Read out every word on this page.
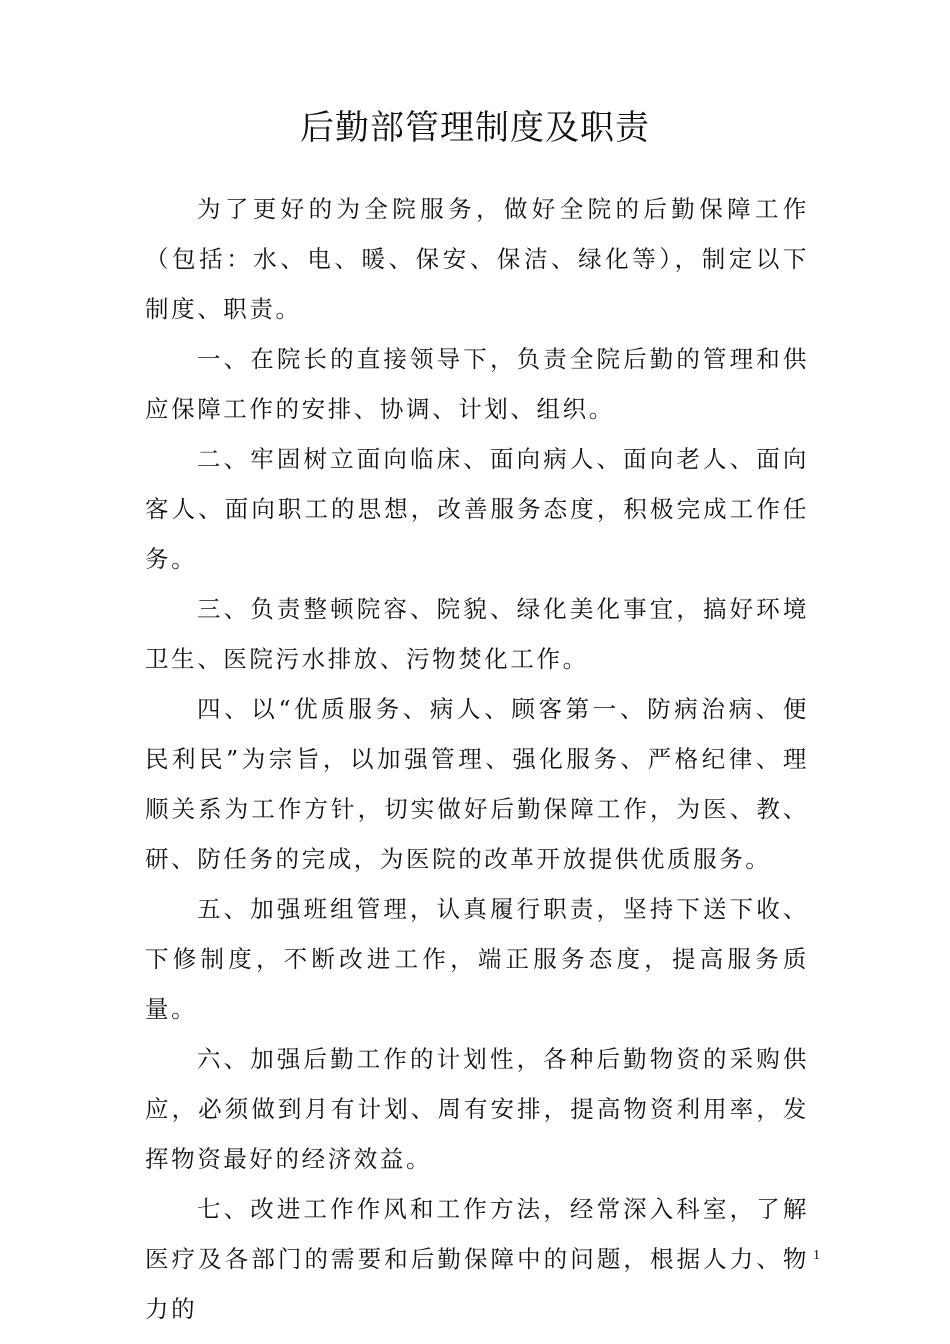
后勤部管理制度及职责

为了更好的为全院服务，做好全院的后勤保障工作（包括：水、电、暖、保安、保洁、绿化等），制定以下制度、职责。

一、在院长的直接领导下，负责全院后勤的管理和供应保障工作的安排、协调、计划、组织。

二、牢固树立面向临床、面向病人、面向老人、面向客人、面向职工的思想，改善服务态度，积极完成工作任务。

三、负责整顿院容、院貌、绿化美化事宜，搞好环境卫生、医院污水排放、污物焚化工作。

四、以“优质服务、病人、顾客第一、防病治病、便民利民”为宗旨，以加强管理、强化服务、严格纪律、理顺关系为工作方针，切实做好后勤保障工作，为医、教、研、防任务的完成，为医院的改革开放提供优质服务。

五、加强班组管理，认真履行职责，坚持下送下收、下修制度，不断改进工作，端正服务态度，提高服务质量。

六、加强后勤工作的计划性，各种后勤物资的采购供应，必须做到月有计划、周有安排，提高物资利用率，发挥物资最好的经济效益。

七、改进工作作风和工作方法，经常深入科室，了解医疗及各部门的需要和后勤保障中的问题，根据人力、物力的

1
